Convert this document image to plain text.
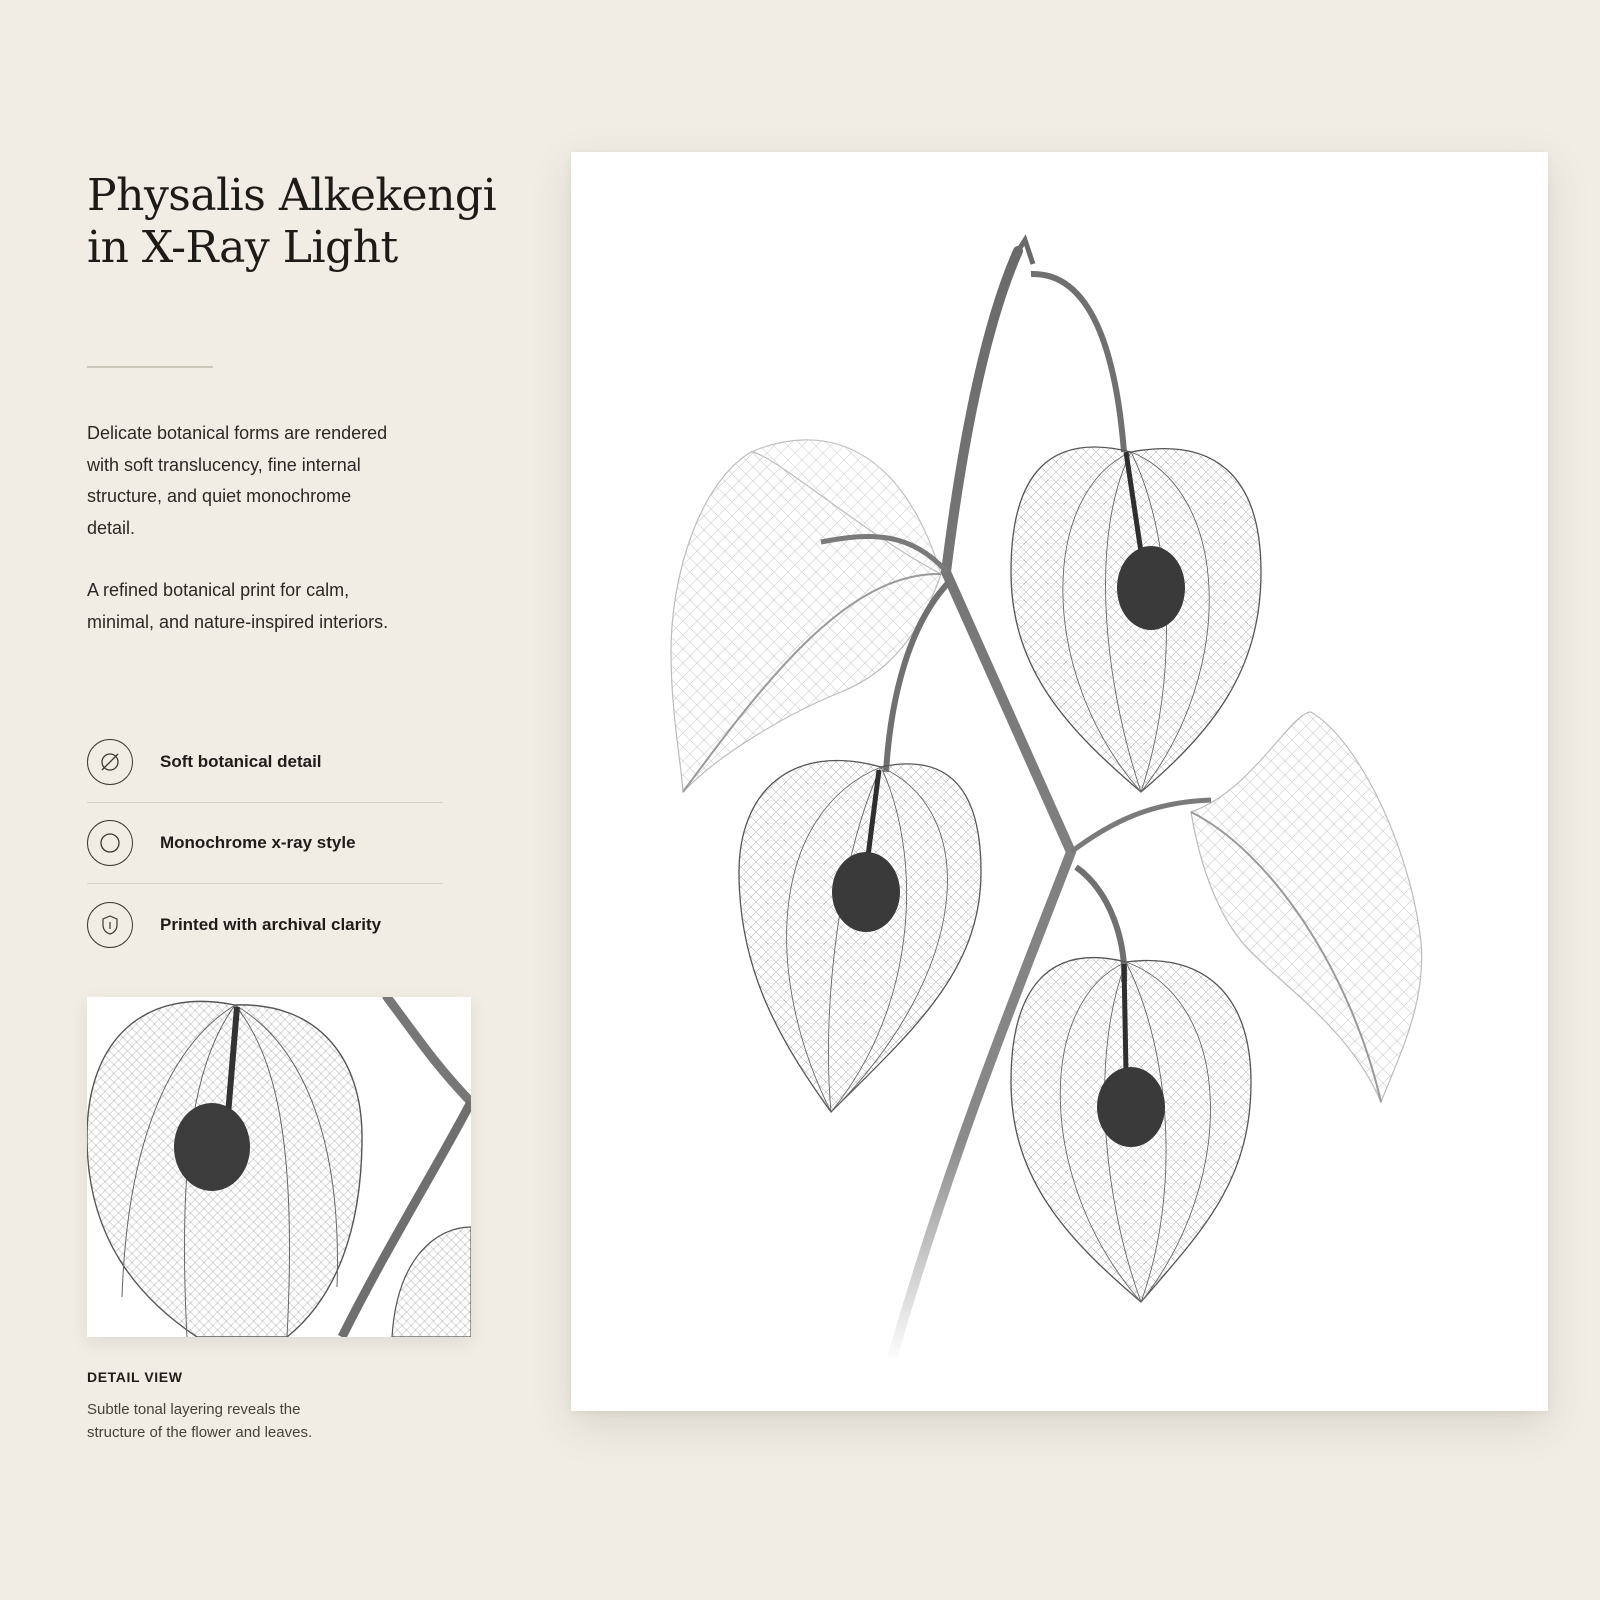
Physalis Alkekengi
in X-Ray Light

Delicate botanical forms are rendered with soft translucency, fine internal structure, and quiet monochrome detail.

A refined botanical print for calm, minimal, and nature-inspired interiors.

Soft botanical detail
Monochrome x-ray style
Printed with archival clarity
DETAIL VIEW
Subtle tonal layering reveals the structure of the flower and leaves.
